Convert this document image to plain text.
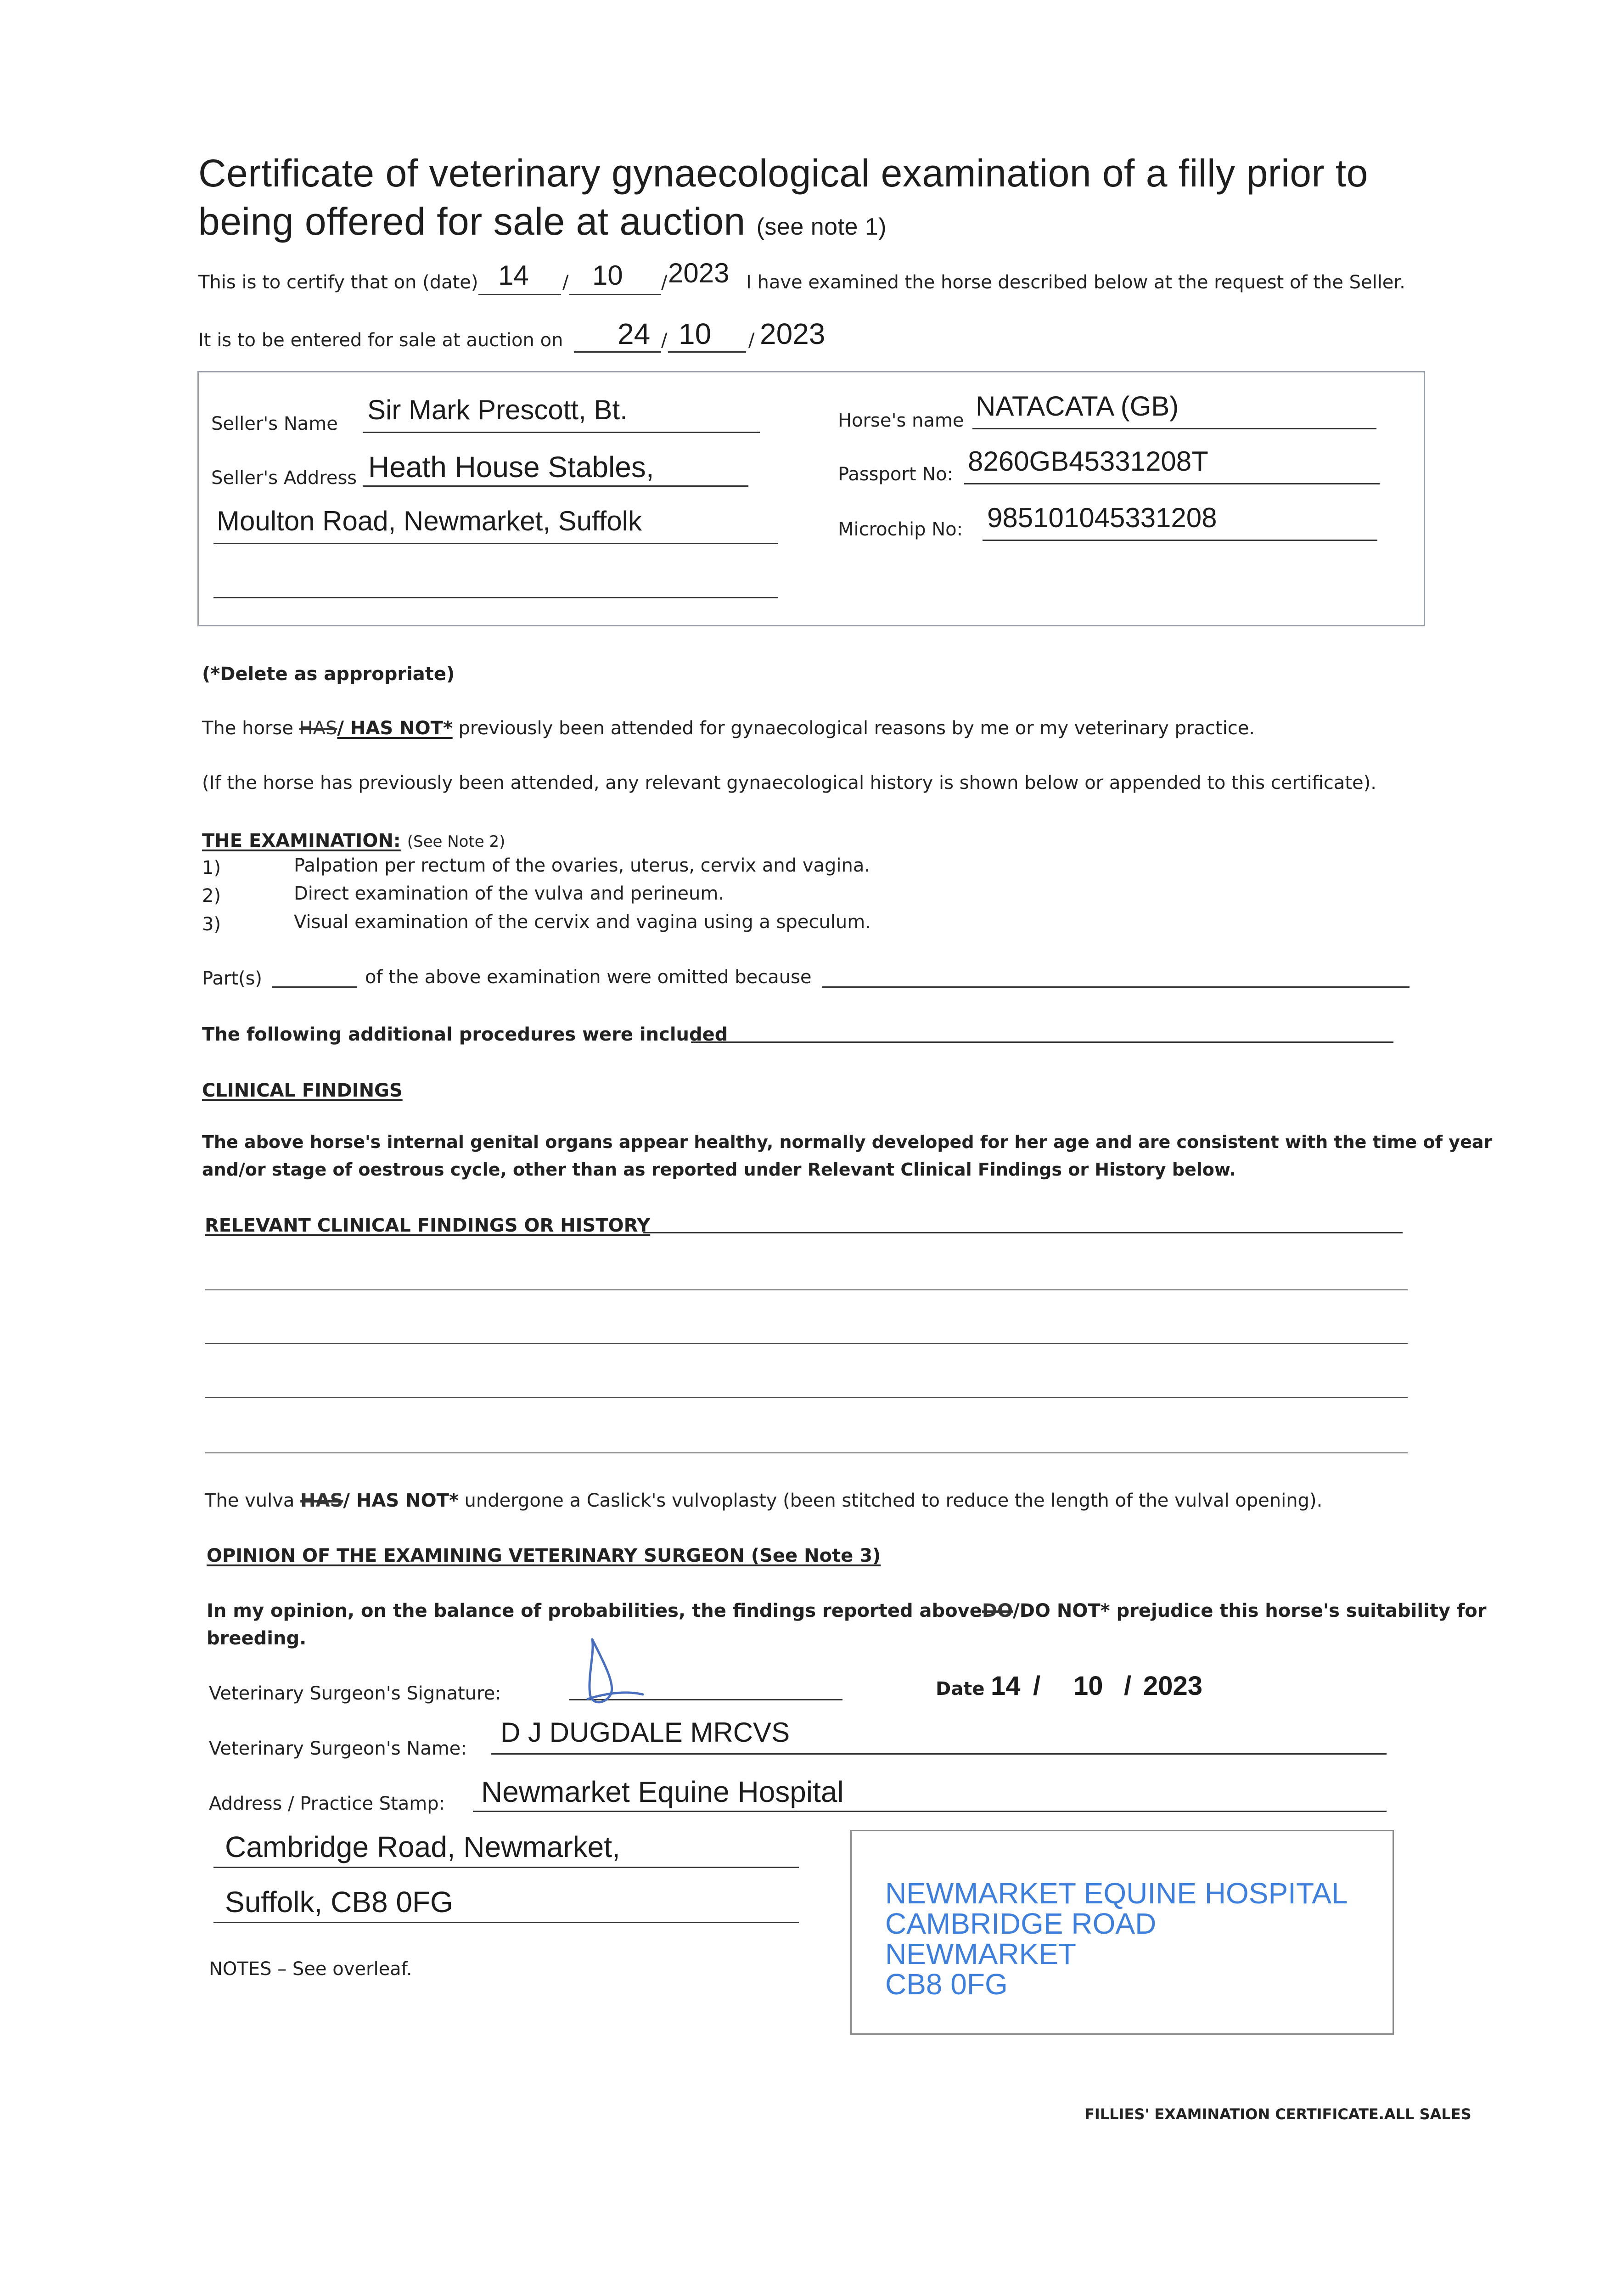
Certificate of veterinary gynaecological examination of a filly prior to
being offered for sale at auction (see note 1)
This is to certify that on (date) 14 / 10 / 2023 I have examined the horse described below at the request of the Seller.
It is to be entered for sale at auction on 24 / 10 / 2023
Seller's Name Sir Mark Prescott, Bt.
Seller's Address Heath House Stables,
Moulton Road, Newmarket, Suffolk
Horse's name NATACATA (GB)
Passport No: 8260GB45331208T
Microchip No: 985101045331208
(*Delete as appropriate)
The horse HAS/ HAS NOT* previously been attended for gynaecological reasons by me or my veterinary practice.
(If the horse has previously been attended, any relevant gynaecological history is shown below or appended to this certificate).
THE EXAMINATION: (See Note 2)
1)	Palpation per rectum of the ovaries, uterus, cervix and vagina.
2)	Direct examination of the vulva and perineum.
3)	Visual examination of the cervix and vagina using a speculum.
Part(s)	of the above examination were omitted because
The following additional procedures were included
CLINICAL FINDINGS
The above horse's internal genital organs appear healthy, normally developed for her age and are consistent with the time of year
and/or stage of oestrous cycle, other than as reported under Relevant Clinical Findings or History below.
RELEVANT CLINICAL FINDINGS OR HISTORY
The vulva HAS/ HAS NOT* undergone a Caslick's vulvoplasty (been stitched to reduce the length of the vulval opening).
OPINION OF THE EXAMINING VETERINARY SURGEON (See Note 3)
In my opinion, on the balance of probabilities, the findings reported aboveDO/DO NOT* prejudice this horse's suitability for
breeding.
Veterinary Surgeon's Signature:	Date 14 / 10 / 2023
Veterinary Surgeon's Name:
D J DUGDALE MRCVS
Address / Practice Stamp: Newmarket Equine Hospital
Cambridge Road, Newmarket,
Suffolk, CB8 0FG	NEWMARKET EQUINE HOSPITAL
CAMBRIDGE ROAD
NEWMARKET
CB8 0FG
NOTES – See overleaf.
FILLIES' EXAMINATION CERTIFICATE.ALL SALES
